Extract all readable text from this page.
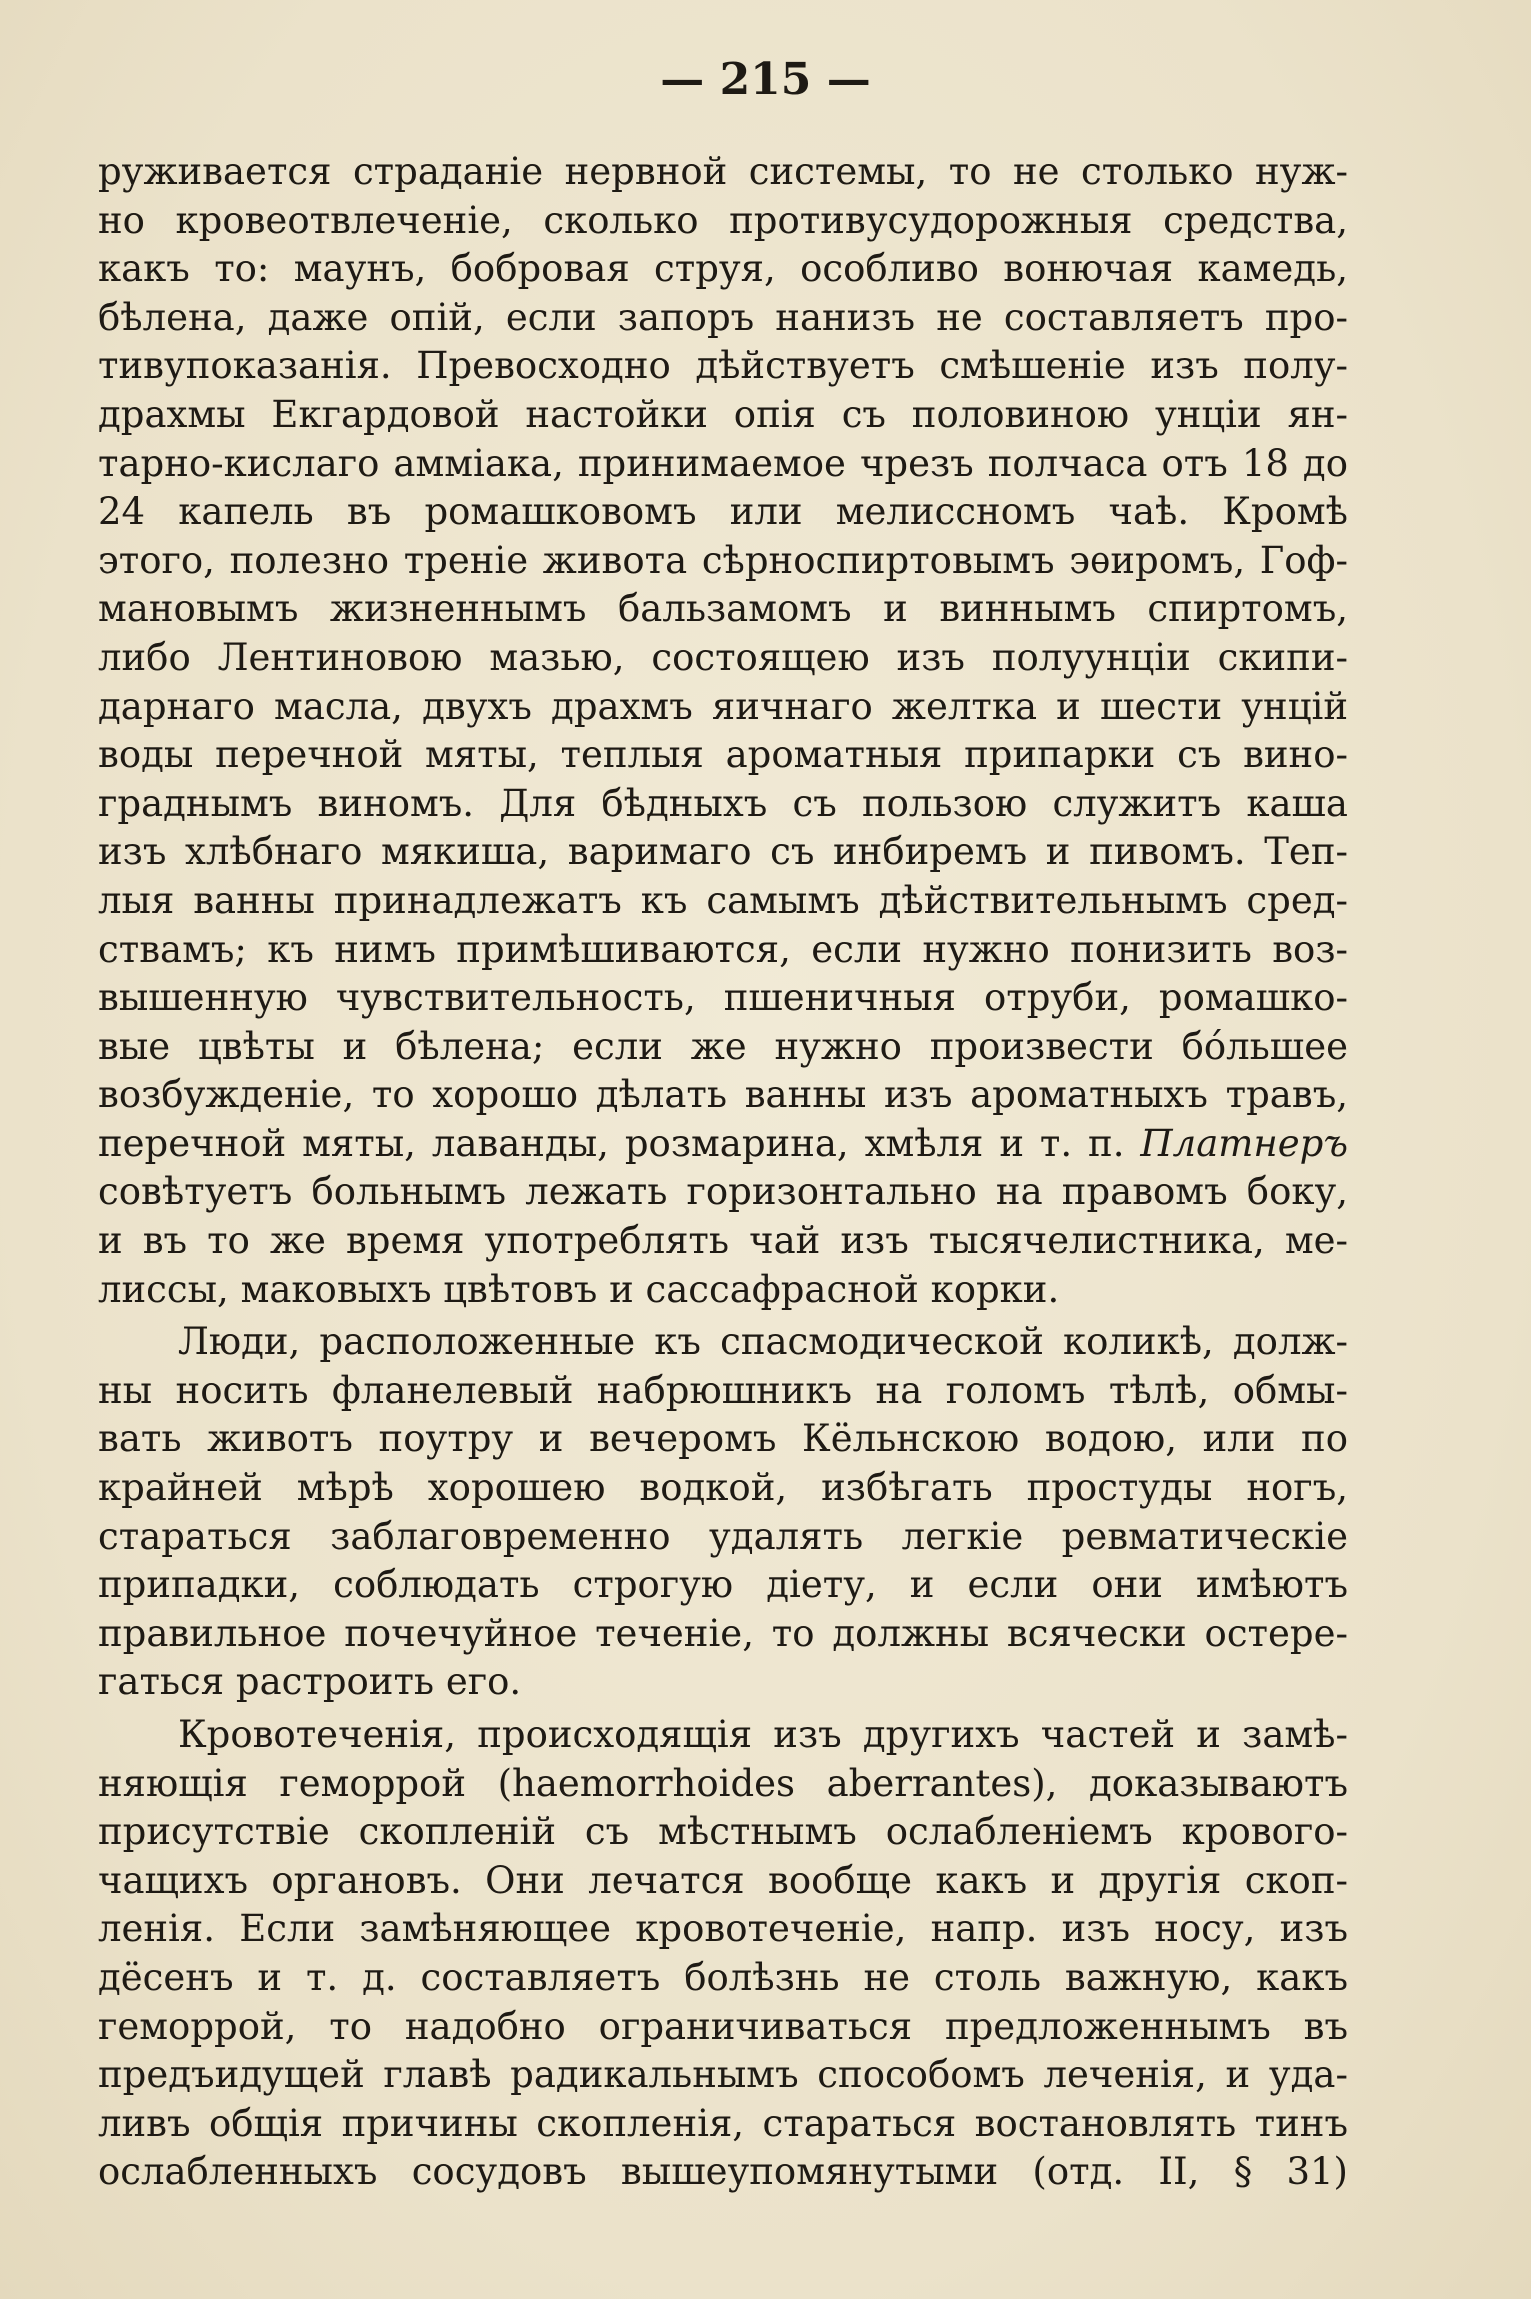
— 215 —
руживается страданіе нервной системы, то не столько нуж-
но кровеотвлеченіе, сколько противусудорожныя средства,
какъ то: маунъ, бобровая струя, особливо вонючая камедь,
бѣлена, даже опій, если запоръ нанизъ не составляетъ про-
тивупоказанія. Превосходно дѣйствуетъ смѣшеніе изъ полу-
драхмы Екгардовой настойки опія съ половиною унціи ян-
тарно-кислаго амміака, принимаемое чрезъ полчаса отъ 18 до
24 капель въ ромашковомъ или мелиссномъ чаѣ. Кромѣ
этого, полезно треніе живота сѣрноспиртовымъ эѳиромъ, Гоф-
мановымъ жизненнымъ бальзамомъ и виннымъ спиртомъ,
либо Лентиновою мазью, состоящею изъ полуунціи скипи-
дарнаго масла, двухъ драхмъ яичнаго желтка и шести унцій
воды перечной мяты, теплыя ароматныя припарки съ вино-
граднымъ виномъ. Для бѣдныхъ съ пользою служитъ каша
изъ хлѣбнаго мякиша, варимаго съ инбиремъ и пивомъ. Теп-
лыя ванны принадлежатъ къ самымъ дѣйствительнымъ сред-
ствамъ; къ нимъ примѣшиваются, если нужно понизить воз-
вышенную чувствительность, пшеничныя отруби, ромашко-
вые цвѣты и бѣлена; если же нужно произвести бо́льшее
возбужденіе, то хорошо дѣлать ванны изъ ароматныхъ травъ,
перечной мяты, лаванды, розмарина, хмѣля и т. п. Платнеръ
совѣтуетъ больнымъ лежать горизонтально на правомъ боку,
и въ то же время употреблять чай изъ тысячелистника, ме-
лиссы, маковыхъ цвѣтовъ и сассафрасной корки.
Люди, расположенные къ спасмодической коликѣ, долж-
ны носить фланелевый набрюшникъ на голомъ тѣлѣ, обмы-
вать животъ поутру и вечеромъ Кёльнскою водою, или по
крайней мѣрѣ хорошею водкой, избѣгать простуды ногъ,
стараться заблаговременно удалять легкіе ревматическіе
припадки, соблюдать строгую діету, и если они имѣютъ
правильное почечуйное теченіе, то должны всячески остере-
гаться растроить его.
Кровотеченія, происходящія изъ другихъ частей и замѣ-
няющія геморрой (haemorrhoides aberrantes), доказываютъ
присутствіе скопленій съ мѣстнымъ ослабленіемъ крового-
чащихъ органовъ. Они лечатся вообще какъ и другія скоп-
ленія. Если замѣняющее кровотеченіе, напр. изъ носу, изъ
дёсенъ и т. д. составляетъ болѣзнь не столь важную, какъ
геморрой, то надобно ограничиваться предложеннымъ въ
предъидущей главѣ радикальнымъ способомъ леченія, и уда-
ливъ общія причины скопленія, стараться востановлять тинъ
ослабленныхъ сосудовъ вышеупомянутыми (отд. II, § 31)
